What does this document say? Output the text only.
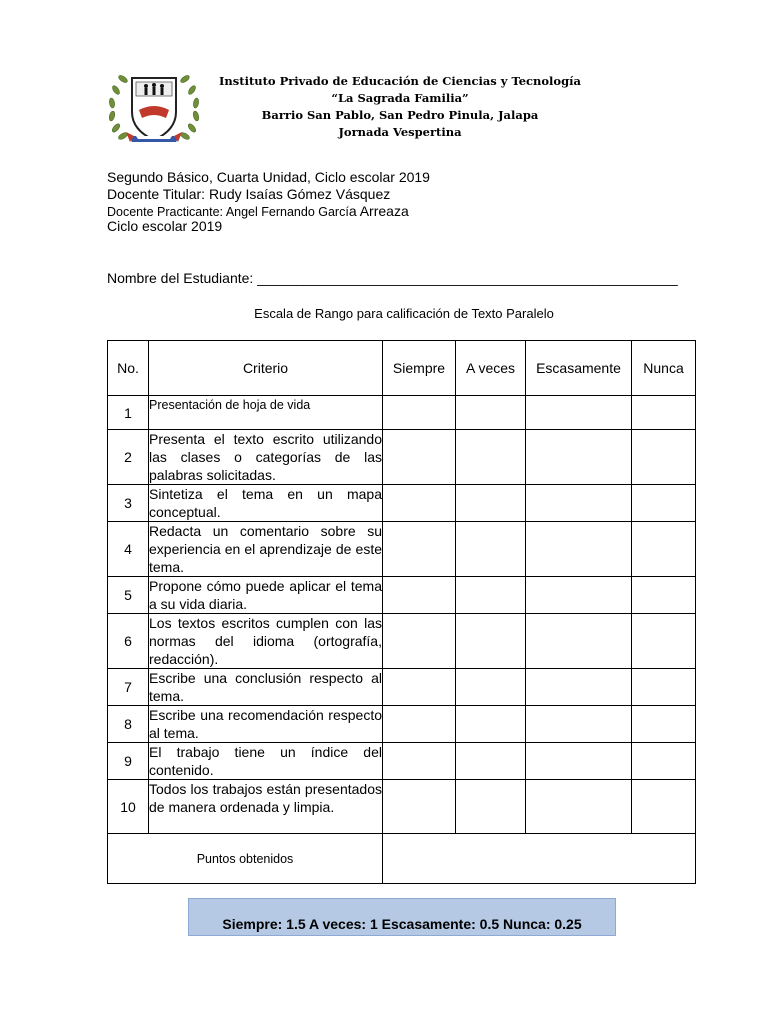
Instituto Privado de Educación de Ciencias y Tecnología
“La Sagrada Familia”
Barrio San Pablo, San Pedro Pinula, Jalapa
Jornada Vespertina
Segundo Básico, Cuarta Unidad, Ciclo escolar 2019
Docente Titular: Rudy Isaías Gómez Vásquez
Docente Practicante: Angel Fernando García Arreaza
Ciclo escolar 2019
Nombre del Estudiante: ______________________________________________________
Escala de Rango para calificación de Texto Paralelo
No.	Criterio	Siempre	A veces	Escasamente	Nunca
1	Presentación de hoja de vida				
2	Presenta el texto escrito utilizando las clases o categorías de las palabras solicitadas.				
3	Sintetiza el tema en un mapa conceptual.				
4	Redacta un comentario sobre su experiencia en el aprendizaje de este tema.				
5	Propone cómo puede aplicar el tema a su vida diaria.				
6	Los textos escritos cumplen con las normas del idioma (ortografía, redacción).				
7	Escribe una conclusión respecto al tema.				
8	Escribe una recomendación respecto al tema.				
9	El trabajo tiene un índice del contenido.				
10	Todos los trabajos están presentados de manera ordenada y limpia.				
Puntos obtenidos					
Siempre: 1.5 A veces: 1 Escasamente: 0.5 Nunca: 0.25
